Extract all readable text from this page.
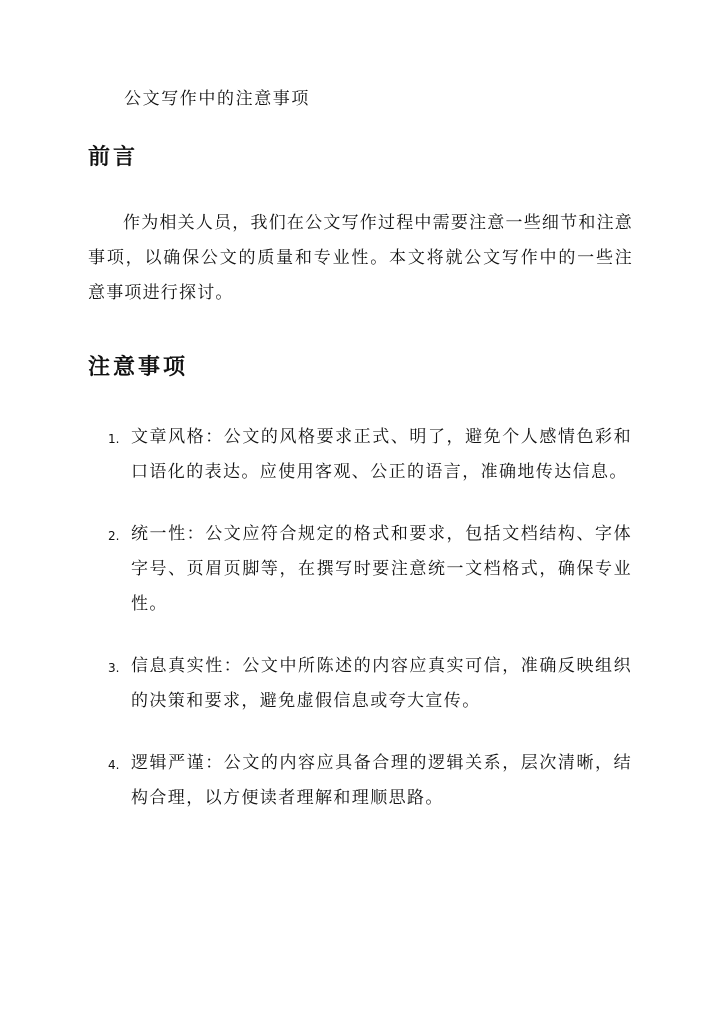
公文写作中的注意事项
前言

作为相关人员，我们在公文写作过程中需要注意一些细节和注意事项，以确保公文的质量和专业性。本文将就公文写作中的一些注意事项进行探讨。

注意事项
1. 文章风格：公文的风格要求正式、明了，避免个人感情色彩和口语化的表达。应使用客观、公正的语言，准确地传达信息。
2. 统一性：公文应符合规定的格式和要求，包括文档结构、字体字号、页眉页脚等，在撰写时要注意统一文档格式，确保专业性。
3. 信息真实性：公文中所陈述的内容应真实可信，准确反映组织的决策和要求，避免虚假信息或夸大宣传。
4. 逻辑严谨：公文的内容应具备合理的逻辑关系，层次清晰，结构合理，以方便读者理解和理顺思路。
